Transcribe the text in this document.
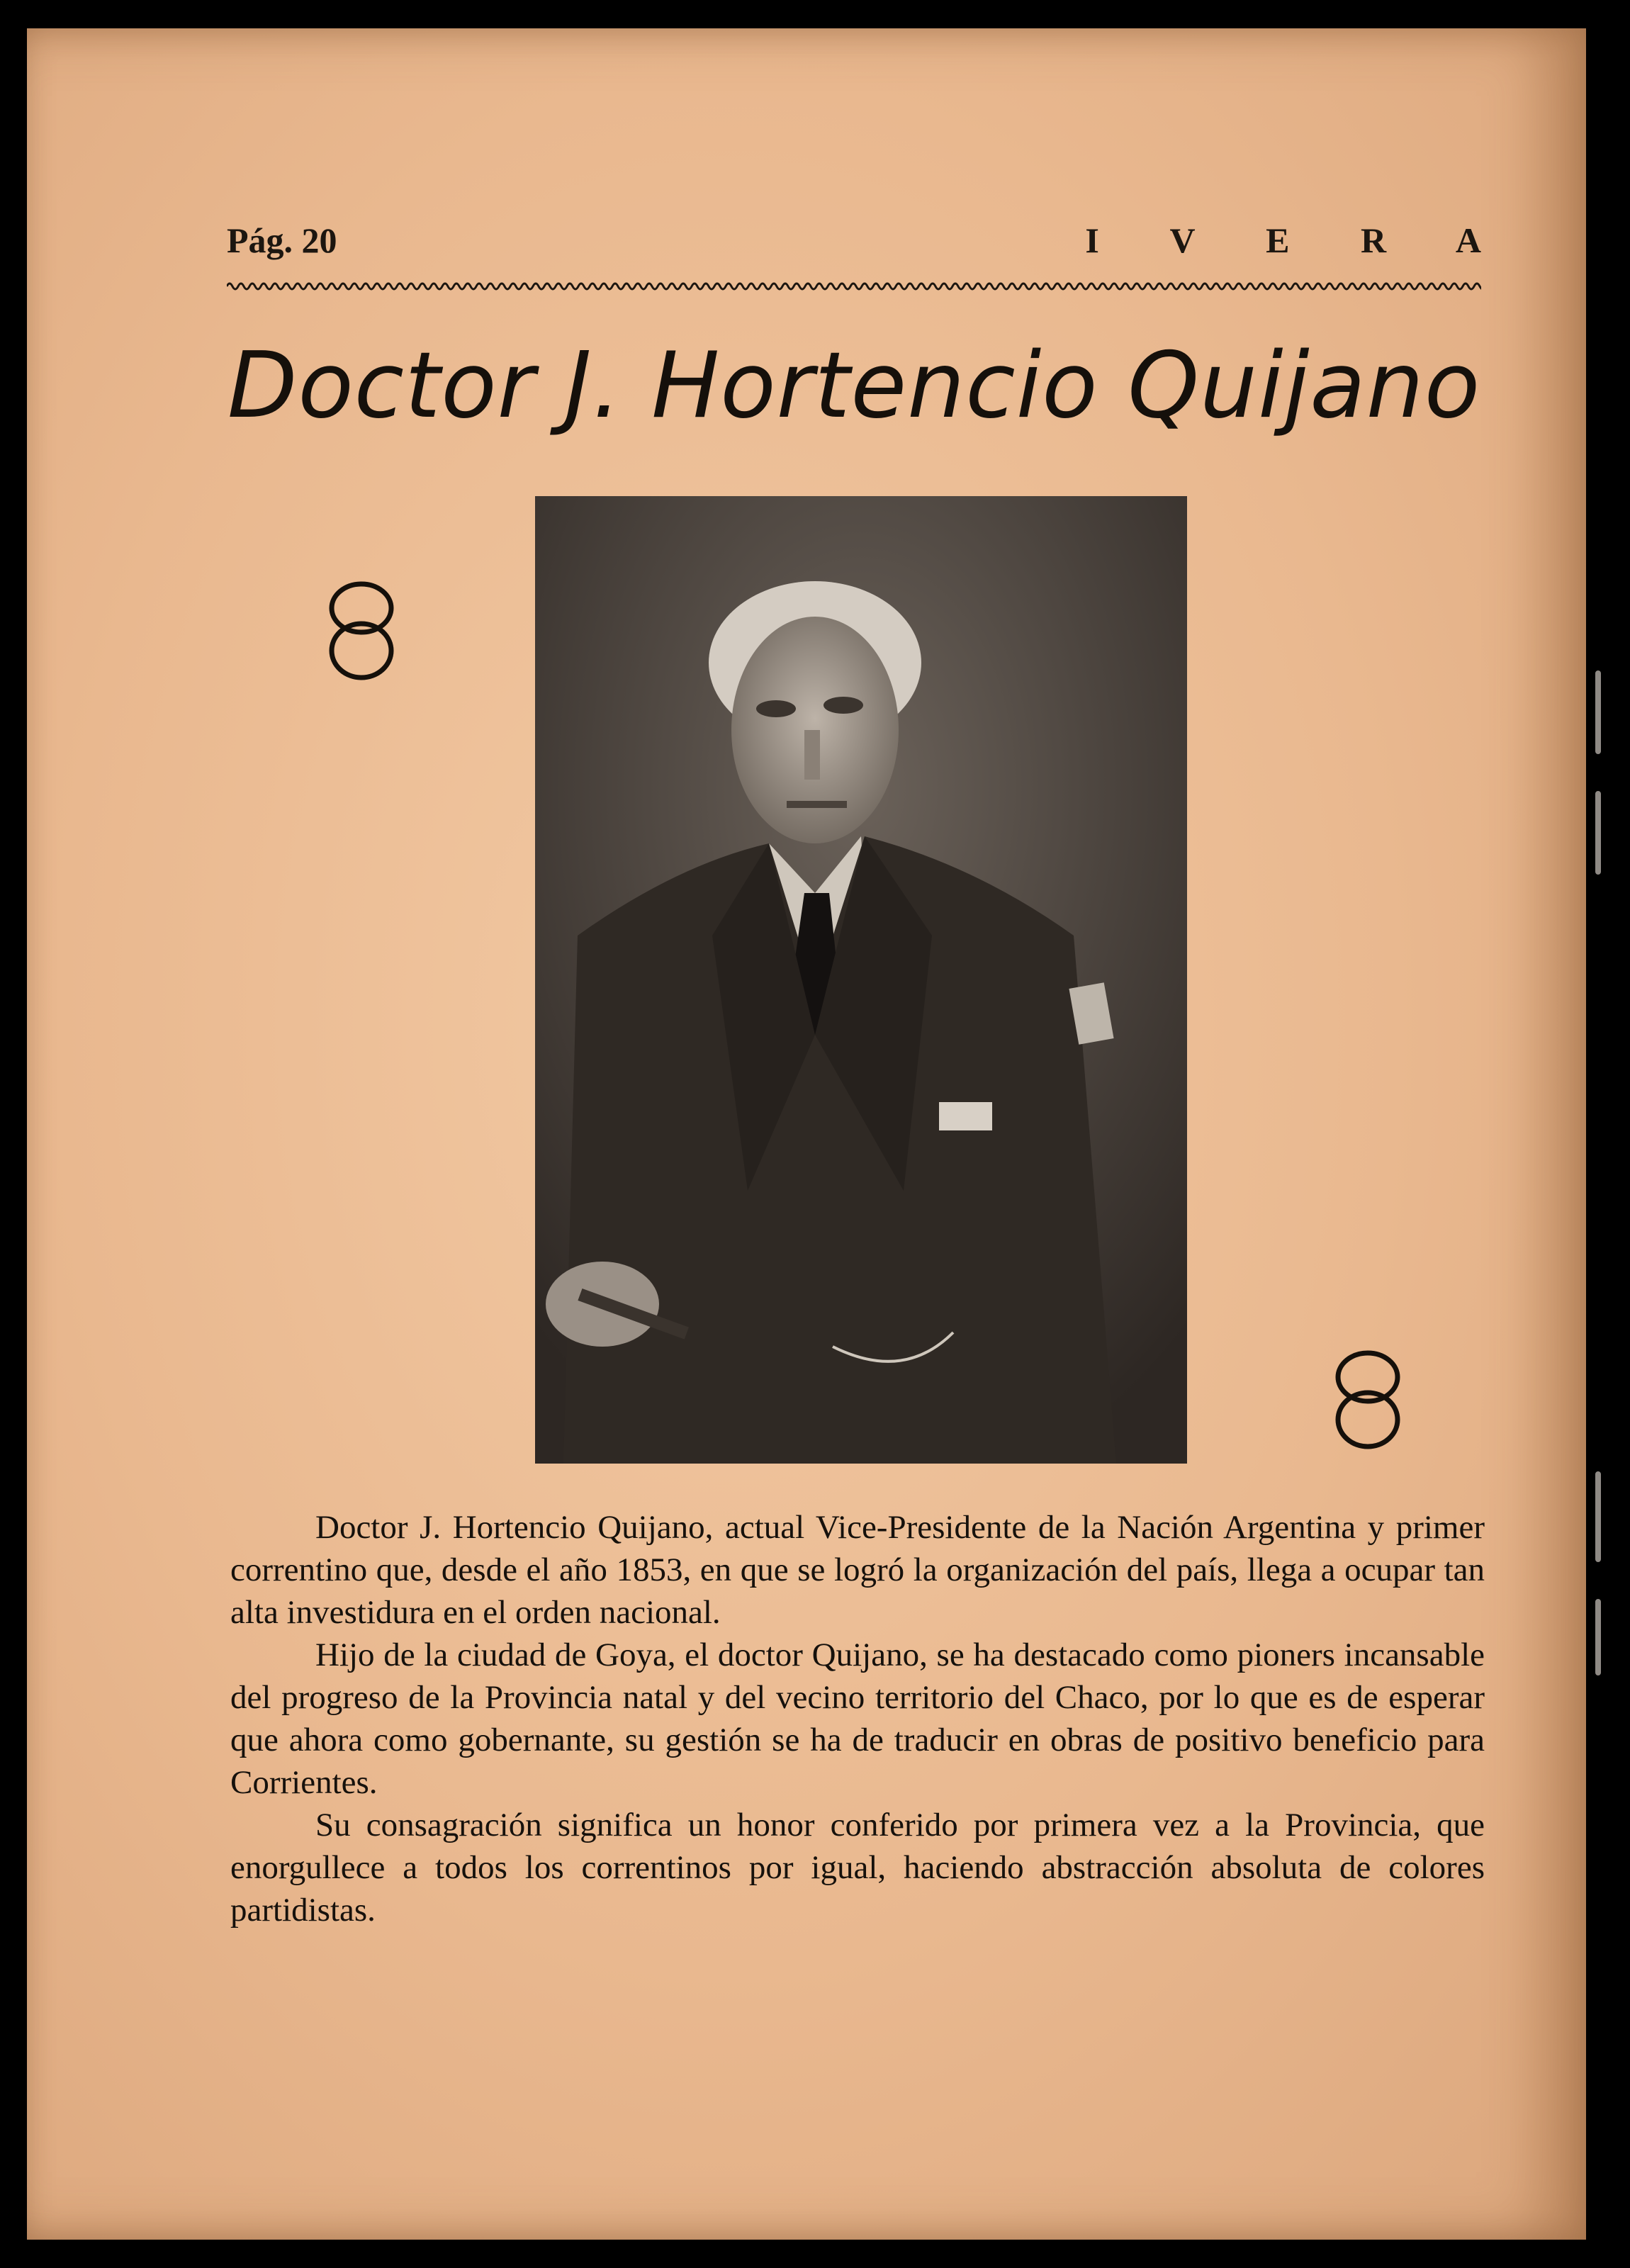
Pág. 20	I V E R A
Doctor J. Hortencio Quijano

Doctor J. Hortencio Quijano, actual Vice-Presidente de la Nación Argentina y primer correntino que, desde el año 1853, en que se logró la organización del país, llega a ocupar tan alta investidura en el orden nacional.

Hijo de la ciudad de Goya, el doctor Quijano, se ha destacado como pioners incansable del progreso de la Provincia natal y del vecino territorio del Chaco, por lo que es de esperar que ahora como gobernante, su gestión se ha de traducir en obras de positivo beneficio para Corrientes.

Su consagración significa un honor conferido por primera vez a la Provincia, que enorgullece a todos los correntinos por igual, haciendo abstracción absoluta de colores partidistas.
